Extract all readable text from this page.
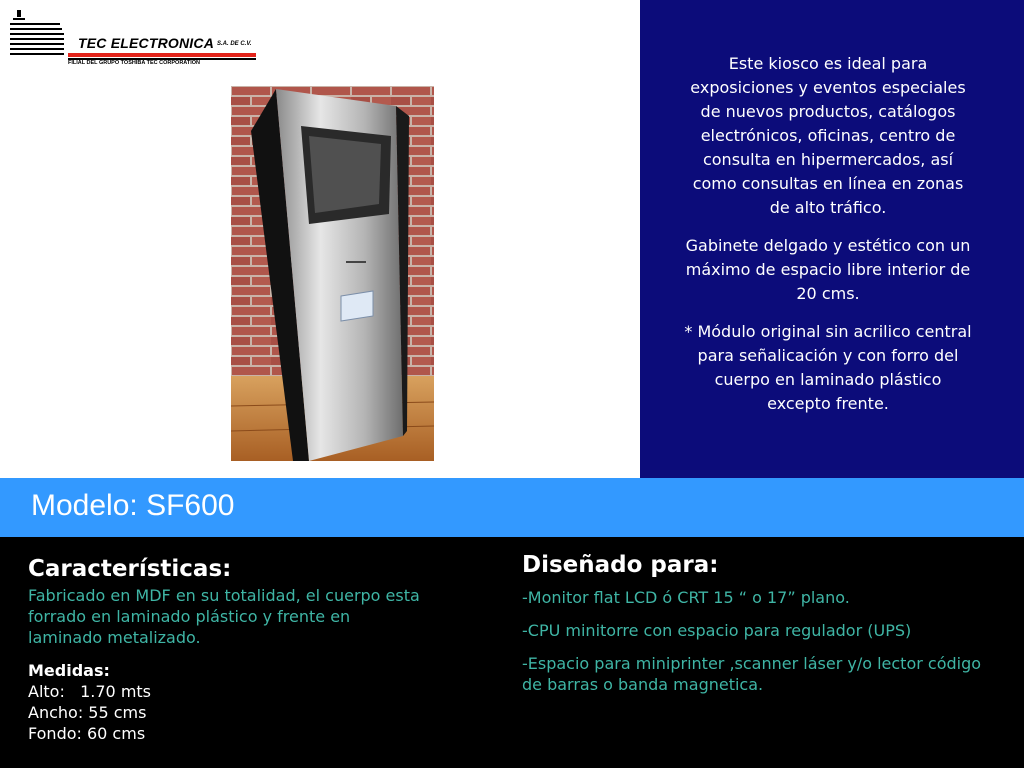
TEC ELECTRONICA S.A. DE C.V.
FILIAL DEL GRUPO TOSHIBA TEC CORPORATION	Este kiosco es ideal para exposiciones y eventos especiales de nuevos productos, catálogos electrónicos, oficinas, centro de consulta en hipermercados, así como consultas en línea en zonas de alto tráfico.

Gabinete delgado y estético con un máximo de espacio libre interior de 20 cms.

* Módulo original sin acrilico central para señalicación y con forro del cuerpo en laminado plástico excepto frente.

Modelo: SF600
Características:

Fabricado en MDF en su totalidad, el cuerpo esta forrado en laminado plástico y frente en laminado metalizado.

Medidas:
Alto:   1.70 mts
Ancho: 55 cms
Fondo: 60 cms
Diseñado para:

-Monitor flat LCD ó CRT 15 “ o 17” plano.

-CPU minitorre con espacio para regulador (UPS)

-Espacio para miniprinter ,scanner láser y/o lector código de barras o banda magnetica.
